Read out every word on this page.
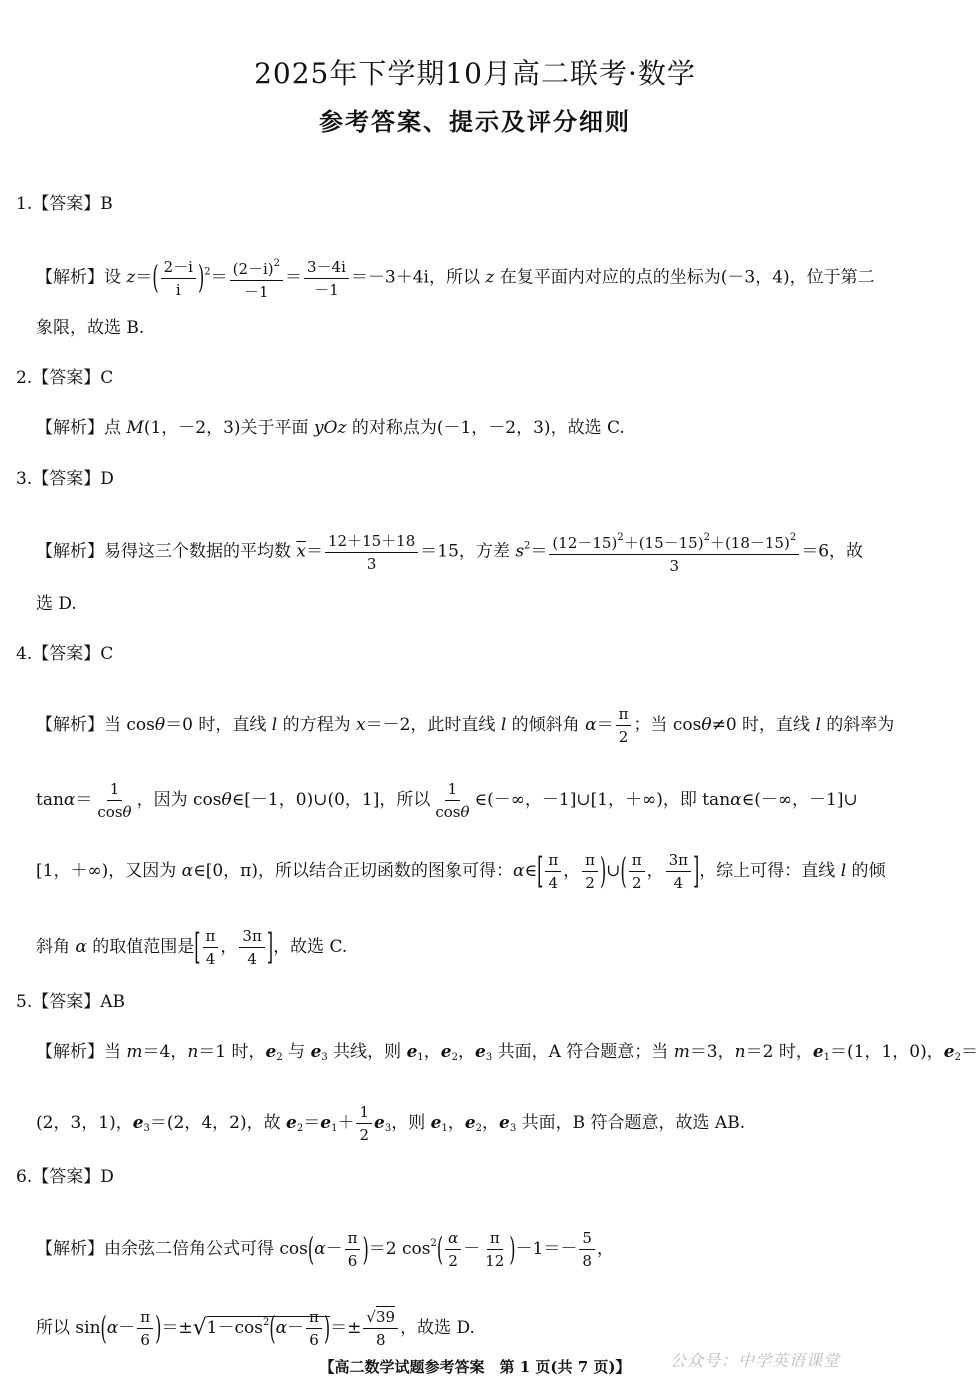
2025年下学期10月高二联考·数学
参考答案、提示及评分细则
1.【答案】B
【解析】设 $z=( \frac{2-i}{i} )^2= \frac{(2-i)^2}{-1} = \frac{3-4i}{-1} =-3+4i$，所以 z 在复平面内对应的点的坐标为(－3，4)，位于第二
象限，故选 B.
2.【答案】C
【解析】点 M(1，－2，3)关于平面 yOz 的对称点为(－1，－2，3)，故选 C.
3.【答案】D
【解析】易得这三个数据的平均数 $\overline{x}= \frac{12+15+18}{3} =15$，方差 $s^2= \frac{(12-15)^2+(15-15)^2+(18-15)^2}{3} =6$，故
选 D.
4.【答案】C
【解析】当 cosθ＝0 时，直线 l 的方程为 x＝－2，此时直线 l 的倾斜角 $\alpha= \frac{\pi}{2}$ ；当 cosθ≠0 时，直线 l 的斜率为
$\tan\alpha= \frac{1}{\cos\theta}$ ，因为 cosθ∈[－1，0)∪(0，1]，所以 $\frac{1}{\cos\theta}$ ∈(－∞，－1]∪[1，＋∞)，即 tanα∈(－∞，－1]∪
[1，＋∞)，又因为 α∈[0，π)，所以结合正切函数的图象可得：α∈[ $\frac{\pi}{4}$ ， $\frac{\pi}{2}$ )∪( $\frac{\pi}{2}$ ， $\frac{3\pi}{4}$ ]，综上可得：直线 l 的倾
斜角 α 的取值范围是[ $\frac{\pi}{4}$ ， $\frac{3\pi}{4}$ ]，故选 C.
5.【答案】AB
【解析】当 m＝4，n＝1 时，$e_2$ 与 $e_3$ 共线，则 $e_1$，$e_2$，$e_3$ 共面，A 符合题意；当 m＝3，n＝2 时，$e_1=(1$，1，0)，$e_2=$
(2，3，1)，$e_3=(2$，4，2)，故 $e_2=e_1+ \frac{1}{2} e_3$，则 $e_1$，$e_2$，$e_3$ 共面，B 符合题意，故选 AB.
6.【答案】D
【解析】由余弦二倍角公式可得 $\cos(\alpha- \frac{\pi}{6} )=2$ $\cos^2( \frac{\alpha}{2} - \frac{\pi}{12} )-1=- \frac{5}{8}$ ，
所以 $\sin(\alpha- \frac{\pi}{6} )=\pm√1-\cos^2(\alpha- \frac{\pi}{6}$ )＝± $\frac{√39}{8}$ ，故选 D.
【高二数学试题参考答案　第 1 页(共 7 页)】	公众号：中学英语课堂
